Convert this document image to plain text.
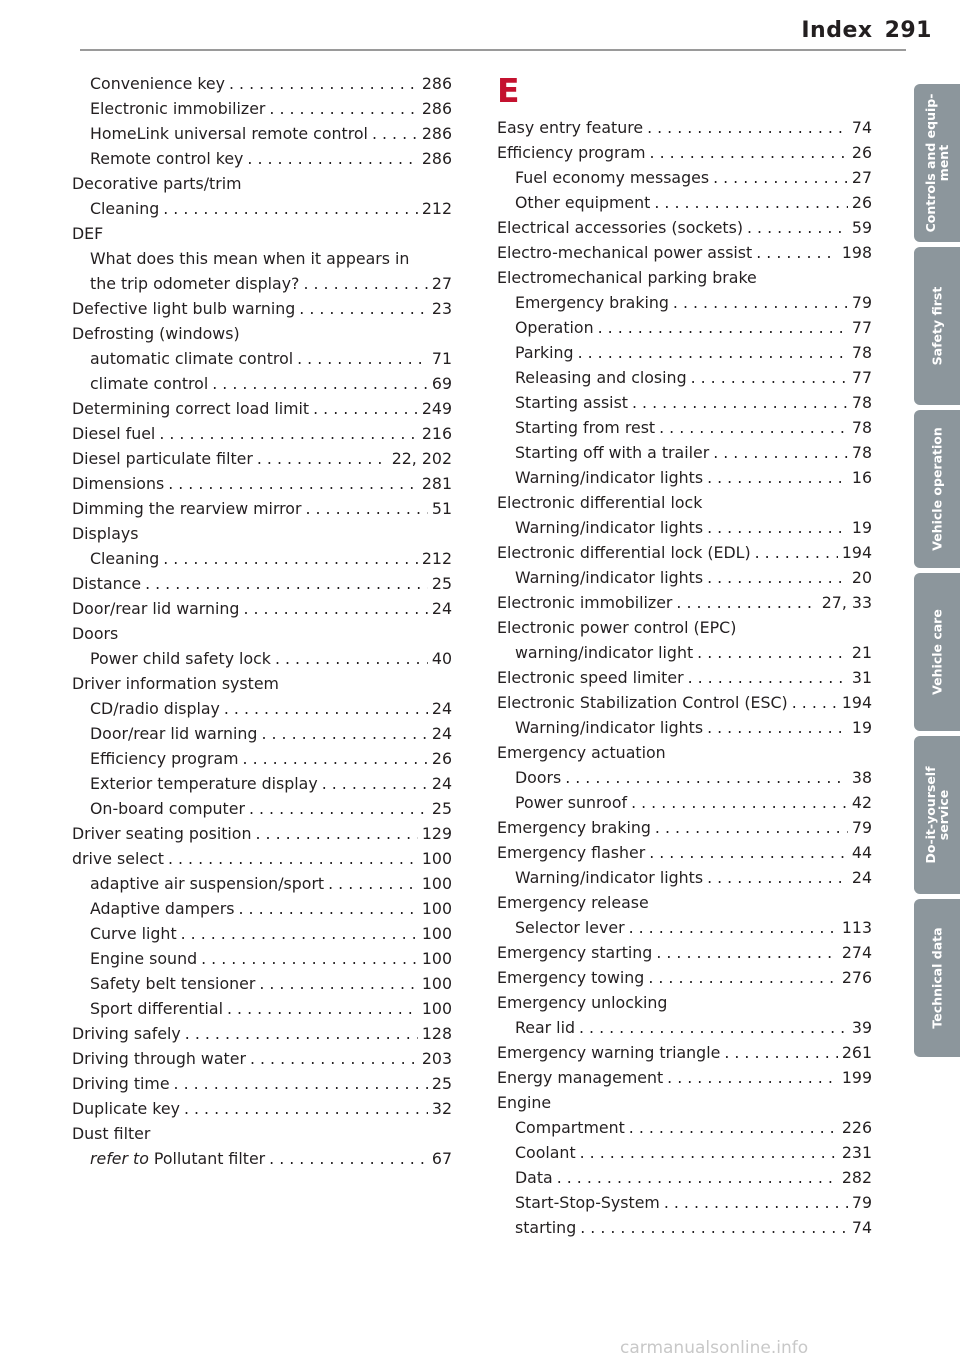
Index 291
Convenience key . . .	286
Electronic immobilizer . . .	286
HomeLink universal remote control . . .	286
Remote control key . . .	286
Decorative parts/trim
Cleaning . . .	212
DEF
What does this mean when it appears in
the trip odometer display? . . .	27
Defective light bulb warning . . .	23
Defrosting (windows)
automatic climate control . . .	71
climate control . . .	69
Determining correct load limit . . .	249
Diesel fuel . . .	216
Diesel particulate filter . . .	22, 202
Dimensions . . .	281
Dimming the rearview mirror . . .	51
Displays
Cleaning . . .	212
Distance . . .	25
Door/rear lid warning . . .	24
Doors
Power child safety lock . . .	40
Driver information system
CD/radio display . . .	24
Door/rear lid warning . . .	24
Efficiency program . . .	26
Exterior temperature display . . .	24
On-board computer . . .	25
Driver seating position . . .	129
drive select . . .	100
adaptive air suspension/sport . . .	100
Adaptive dampers . . .	100
Curve light . . .	100
Engine sound . . .	100
Safety belt tensioner . . .	100
Sport differential . . .	100
Driving safely . . .	128
Driving through water . . .	203
Driving time . . .	25
Duplicate key . . .	32
Dust filter
refer to Pollutant filter . . .	67
E
Easy entry feature . . .	74
Efficiency program . . .	26
Fuel economy messages . . .	27
Other equipment . . .	26
Electrical accessories (sockets) . . .	59
Electro-mechanical power assist . . .	198
Electromechanical parking brake
Emergency braking . . .	79
Operation . . .	77
Parking . . .	78
Releasing and closing . . .	77
Starting assist . . .	78
Starting from rest . . .	78
Starting off with a trailer . . .	78
Warning/indicator lights . . .	16
Electronic differential lock
Warning/indicator lights . . .	19
Electronic differential lock (EDL) . . .	194
Warning/indicator lights . . .	20
Electronic immobilizer . . .	27, 33
Electronic power control (EPC)
warning/indicator light . . .	21
Electronic speed limiter . . .	31
Electronic Stabilization Control (ESC) . . .	194
Warning/indicator lights . . .	19
Emergency actuation
Doors . . .	38
Power sunroof . . .	42
Emergency braking . . .	79
Emergency flasher . . .	44
Warning/indicator lights . . .	24
Emergency release
Selector lever . . .	113
Emergency starting . . .	274
Emergency towing . . .	276
Emergency unlocking
Rear lid . . .	39
Emergency warning triangle . . .	261
Energy management . . .	199
Engine
Compartment . . .	226
Coolant . . .	231
Data . . .	282
Start-Stop-System . . .	79
starting . . .	74
Controls and equip-
ment
Safety first
Vehicle operation
Vehicle care
Do-it-yourself
service
Technical data
carmanualsonline.info
